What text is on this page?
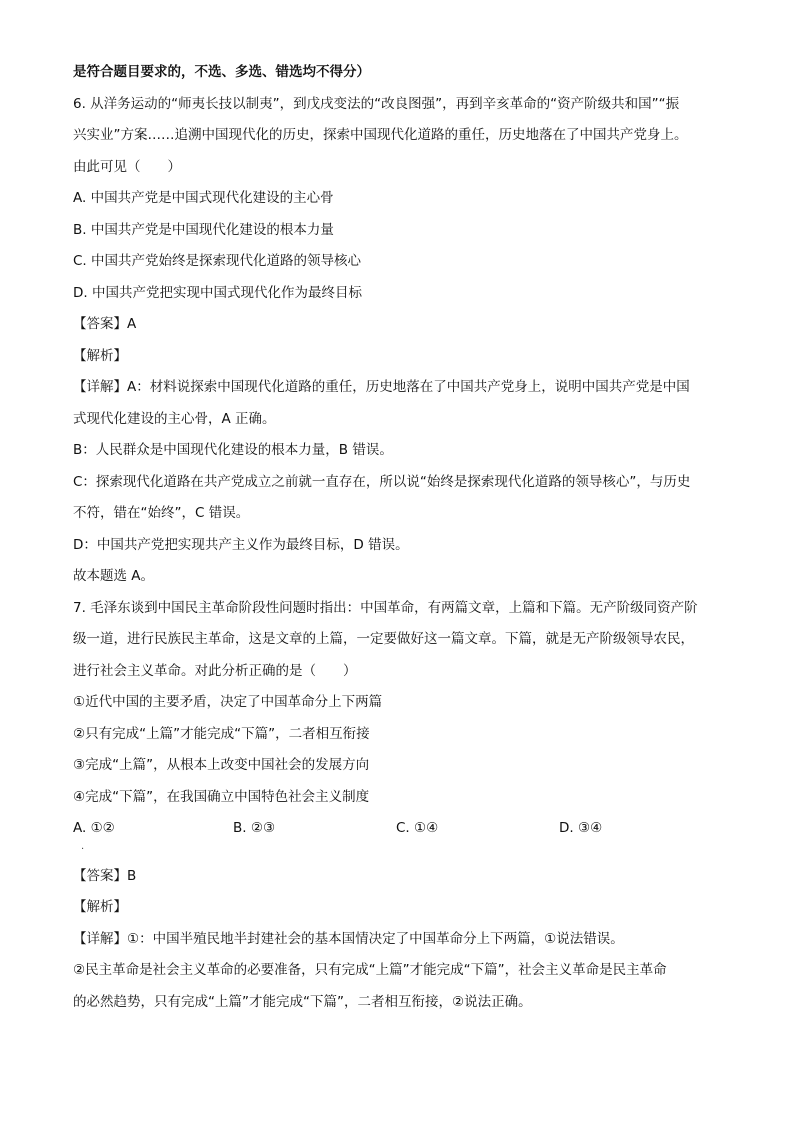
是符合题目要求的，不选、多选、错选均不得分）
6. 从洋务运动的“师夷长技以制夷”，到戊戌变法的“改良图强”，再到辛亥革命的“资产阶级共和国”“振
兴实业”方案……追溯中国现代化的历史，探索中国现代化道路的重任，历史地落在了中国共产党身上。
由此可见（　　）
A. 中国共产党是中国式现代化建设的主心骨
B. 中国共产党是中国现代化建设的根本力量
C. 中国共产党始终是探索现代化道路的领导核心
D. 中国共产党把实现中国式现代化作为最终目标
【答案】A
【解析】
【详解】A：材料说探索中国现代化道路的重任，历史地落在了中国共产党身上，说明中国共产党是中国
式现代化建设的主心骨，A 正确。
B：人民群众是中国现代化建设的根本力量，B 错误。
C：探索现代化道路在共产党成立之前就一直存在，所以说“始终是探索现代化道路的领导核心”，与历史
不符，错在“始终”，C 错误。
D：中国共产党把实现共产主义作为最终目标，D 错误。
故本题选 A。
7. 毛泽东谈到中国民主革命阶段性问题时指出：中国革命，有两篇文章，上篇和下篇。无产阶级同资产阶
级一道，进行民族民主革命，这是文章的上篇，一定要做好这一篇文章。下篇，就是无产阶级领导农民，
进行社会主义革命。对此分析正确的是（　　）
①近代中国的主要矛盾，决定了中国革命分上下两篇
②只有完成“上篇”才能完成“下篇”，二者相互衔接
③完成“上篇”，从根本上改变中国社会的发展方向
④完成“下篇”，在我国确立中国特色社会主义制度
A. ①②	B. ②③	C. ①④	D. ③④
·
【答案】B
【解析】
【详解】①：中国半殖民地半封建社会的基本国情决定了中国革命分上下两篇，①说法错误。
②民主革命是社会主义革命的必要准备，只有完成“上篇”才能完成“下篇”，社会主义革命是民主革命
的必然趋势，只有完成“上篇”才能完成“下篇”，二者相互衔接，②说法正确。
